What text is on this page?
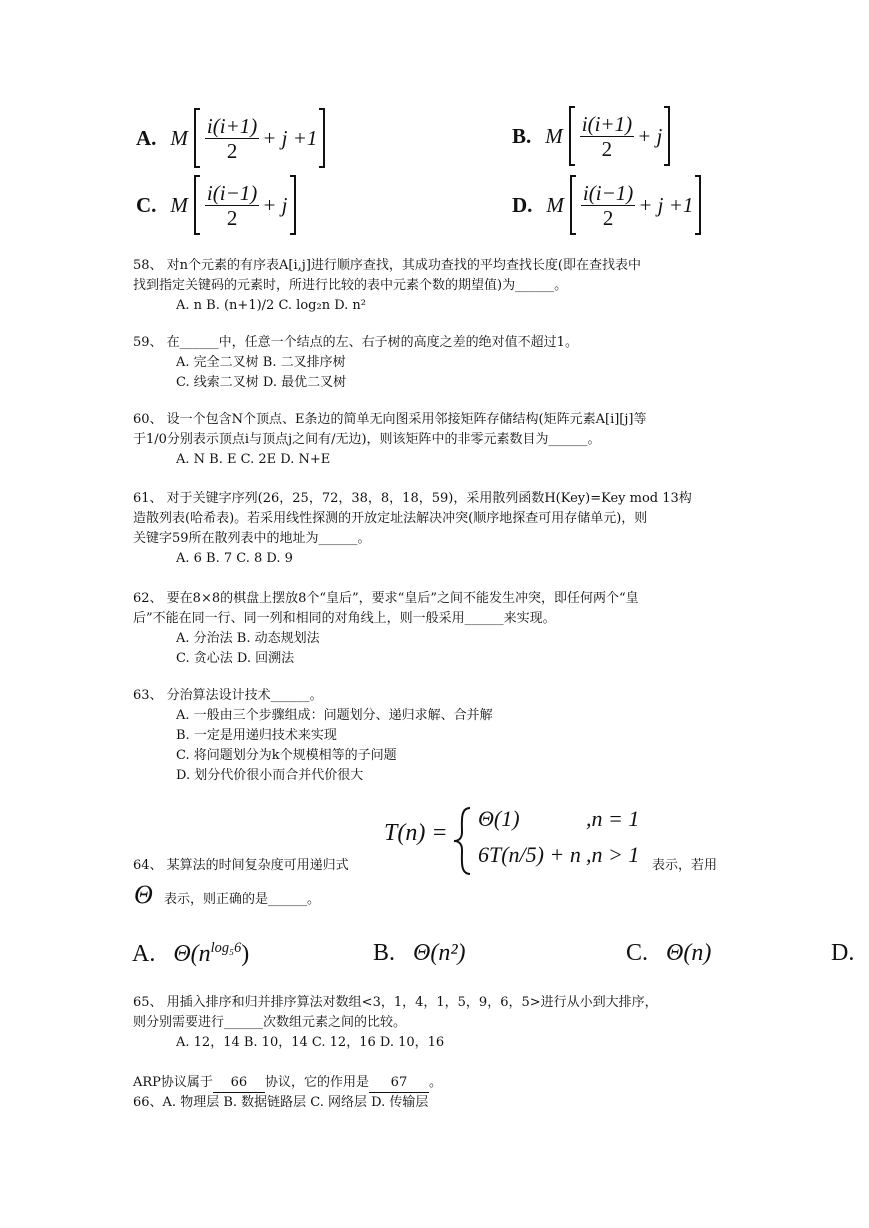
A. M $\frac{i(i+1)}{2} + j +1$	B. M $\frac{i(i+1)}{2} + j$
C. M $\frac{i(i-1)}{2} + j$	D. M $\frac{i(i-1)}{2} + j +1$
58、 对n个元素的有序表A[i,j]进行顺序查找，其成功查找的平均查找长度(即在查找表中
找到指定关键码的元素时，所进行比较的表中元素个数的期望值)为______。
A. n B. (n+1)/2 C. log₂n D. n²
59、 在______中，任意一个结点的左、右子树的高度之差的绝对值不超过1。
A. 完全二叉树 B. 二叉排序树
C. 线索二叉树 D. 最优二叉树
60、 设一个包含N个顶点、E条边的简单无向图采用邻接矩阵存储结构(矩阵元素A[i][j]等
于1/0分别表示顶点i与顶点j之间有/无边)，则该矩阵中的非零元素数目为______。
A. N B. E C. 2E D. N+E
61、 对于关键字序列(26，25，72，38，8，18，59)，采用散列函数H(Key)=Key mod 13构
造散列表(哈希表)。若采用线性探测的开放定址法解决冲突(顺序地探查可用存储单元)，则
关键字59所在散列表中的地址为______。
A. 6 B. 7 C. 8 D. 9
62、 要在8×8的棋盘上摆放8个“皇后”，要求“皇后”之间不能发生冲突，即任何两个“皇
后”不能在同一行、同一列和相同的对角线上，则一般采用______来实现。
A. 分治法 B. 动态规划法
C. 贪心法 D. 回溯法
63、 分治算法设计技术______。
A. 一般由三个步骤组成：问题划分、递归求解、合并解
B. 一定是用递归技术来实现
C. 将问题划分为k个规模相等的子问题
D. 划分代价很小而合并代价很大
T(n) =
Θ(1)	,n = 1
6T(n/5) + n ,n > 1
64、 某算法的时间复杂度可用递归式	表示，若用
Θ 表示，则正确的是______。
A. $\Theta(n^{log_56})$	B. Θ(n²)	C. Θ(n)	D.
65、 用插入排序和归并排序算法对数组<3，1，4，1，5，9，6，5>进行从小到大排序，
则分别需要进行______次数组元素之间的比较。
A. 12，14 B. 10，14 C. 12，16 D. 10，16
ARP协议属于 66 协议，它的作用是 67 。
66、A. 物理层 B. 数据链路层 C. 网络层 D. 传输层
